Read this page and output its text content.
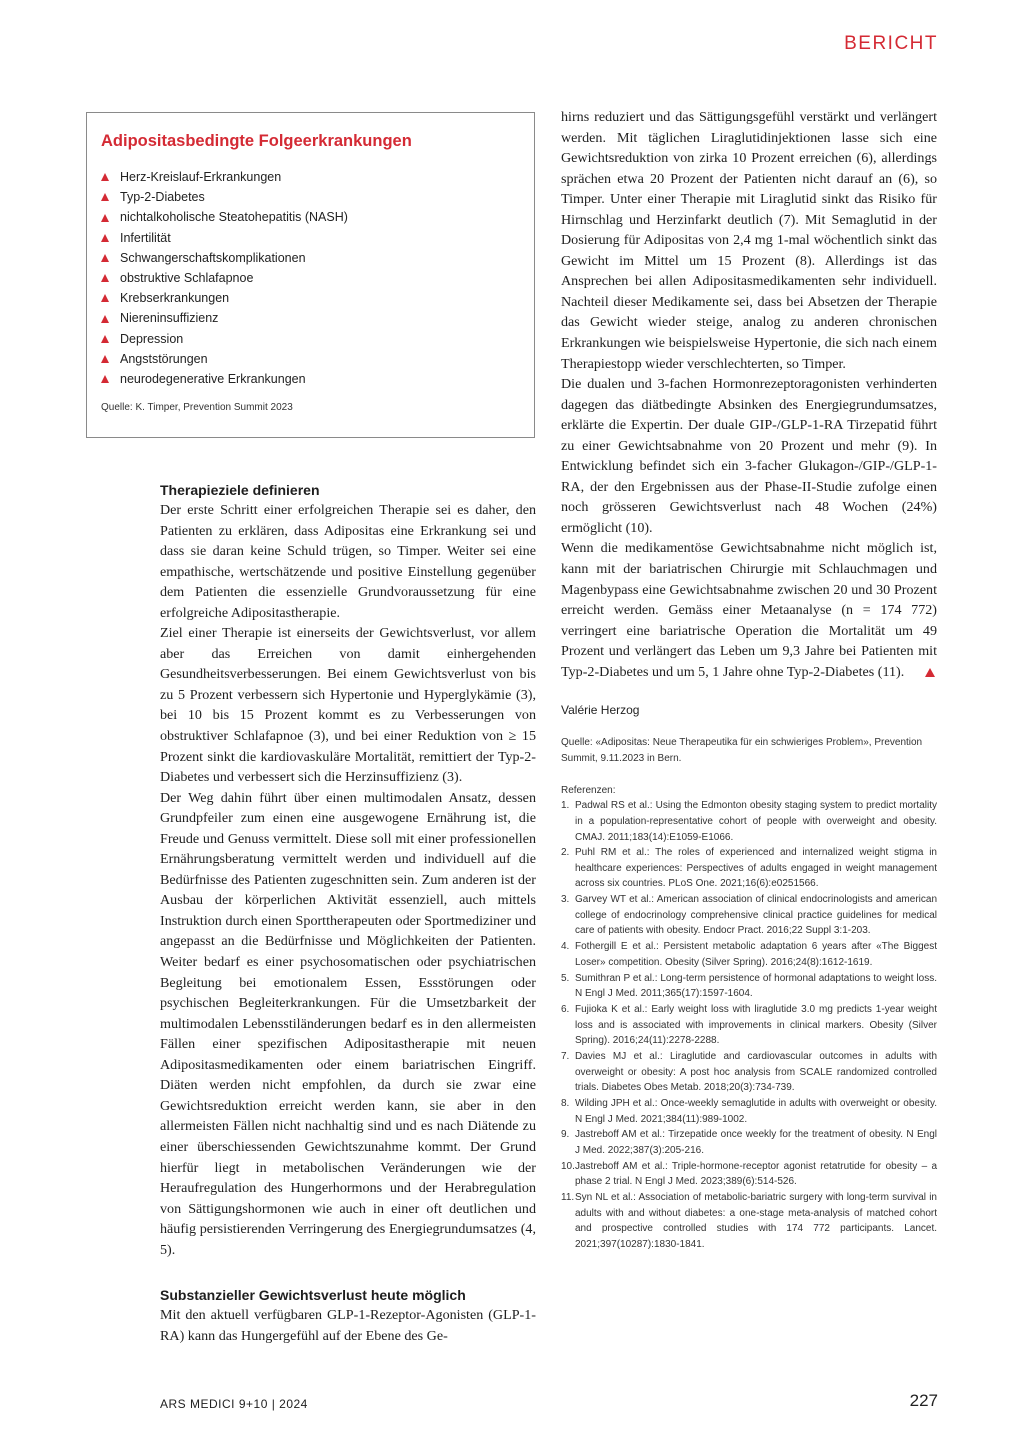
BERICHT
Adipositasbedingte Folgeerkrankungen
Herz-Kreislauf-Erkrankungen
Typ-2-Diabetes
nichtalkoholische Steatohepatitis (NASH)
Infertilität
Schwangerschaftskomplikationen
obstruktive Schlafapnoe
Krebserkrankungen
Niereninsuffizienz
Depression
Angststörungen
neurodegenerative Erkrankungen
Quelle: K. Timper, Prevention Summit 2023
Therapieziele definieren

Der erste Schritt einer erfolgreichen Therapie sei es daher, den Patienten zu erklären, dass Adipositas eine Erkrankung sei und dass sie daran keine Schuld trügen, so Timper. Weiter sei eine empathische, wertschätzende und positive Einstellung gegenüber dem Patienten die essenzielle Grundvoraussetzung für eine erfolgreiche Adipositastherapie.

Ziel einer Therapie ist einerseits der Gewichtsverlust, vor allem aber das Erreichen von damit einhergehenden Gesundheitsverbesserungen. Bei einem Gewichtsverlust von bis zu 5 Prozent verbessern sich Hypertonie und Hyperglykämie (3), bei 10 bis 15 Prozent kommt es zu Verbesserungen von obstruktiver Schlafapnoe (3), und bei einer Reduktion von ≥ 15 Prozent sinkt die kardiovaskuläre Mortalität, remittiert der Typ-2-Diabetes und verbessert sich die Herzinsuffizienz (3).

Der Weg dahin führt über einen multimodalen Ansatz, dessen Grundpfeiler zum einen eine ausgewogene Ernährung ist, die Freude und Genuss vermittelt. Diese soll mit einer professionellen Ernährungsberatung vermittelt werden und individuell auf die Bedürfnisse des Patienten zugeschnitten sein. Zum anderen ist der Ausbau der körperlichen Aktivität essenziell, auch mittels Instruktion durch einen Sporttherapeuten oder Sportmediziner und angepasst an die Bedürfnisse und Möglichkeiten der Patienten. Weiter bedarf es einer psychosomatischen oder psychiatrischen Begleitung bei emotionalem Essen, Essstörungen oder psychischen Begleiterkrankungen. Für die Umsetzbarkeit der multimodalen Lebensstiländerungen bedarf es in den allermeisten Fällen einer spezifischen Adipositastherapie mit neuen Adipositasmedikamenten oder einem bariatrischen Eingriff. Diäten werden nicht empfohlen, da durch sie zwar eine Gewichtsreduktion erreicht werden kann, sie aber in den allermeisten Fällen nicht nachhaltig sind und es nach Diätende zu einer überschiessenden Gewichtszunahme kommt. Der Grund hierfür liegt in metabolischen Veränderungen wie der Heraufregulation des Hungerhormons und der Herabregulation von Sättigungshormonen wie auch in einer oft deutlichen und häufig persistierenden Verringerung des Energiegrundumsatzes (4, 5).

Substanzieller Gewichtsverlust heute möglich

Mit den aktuell verfügbaren GLP-1-Rezeptor-Agonisten (GLP-1-RA) kann das Hungergefühl auf der Ebene des Ge-

hirns reduziert und das Sättigungsgefühl verstärkt und verlängert werden. Mit täglichen Liraglutidinjektionen lasse sich eine Gewichtsreduktion von zirka 10 Prozent erreichen (6), allerdings sprächen etwa 20 Prozent der Patienten nicht darauf an (6), so Timper. Unter einer Therapie mit Liraglutid sinkt das Risiko für Hirnschlag und Herzinfarkt deutlich (7). Mit Semaglutid in der Dosierung für Adipositas von 2,4 mg 1-mal wöchentlich sinkt das Gewicht im Mittel um 15 Prozent (8). Allerdings ist das Ansprechen bei allen Adipositasmedikamenten sehr individuell. Nachteil dieser Medikamente sei, dass bei Absetzen der Therapie das Gewicht wieder steige, analog zu anderen chronischen Erkrankungen wie beispielsweise Hypertonie, die sich nach einem Therapiestopp wieder verschlechterten, so Timper.

Die dualen und 3-fachen Hormonrezeptoragonisten verhinderten dagegen das diätbedingte Absinken des Energiegrundumsatzes, erklärte die Expertin. Der duale GIP-/GLP-1-RA Tirzepatid führt zu einer Gewichtsabnahme von 20 Prozent und mehr (9). In Entwicklung befindet sich ein 3-facher Glukagon-/GIP-/GLP-1-RA, der den Ergebnissen aus der Phase-II-Studie zufolge einen noch grösseren Gewichtsverlust nach 48 Wochen (24%) ermöglicht (10).

Wenn die medikamentöse Gewichtsabnahme nicht möglich ist, kann mit der bariatrischen Chirurgie mit Schlauchmagen und Magenbypass eine Gewichtsabnahme zwischen 20 und 30 Prozent erreicht werden. Gemäss einer Metaanalyse (n = 174 772) verringert eine bariatrische Operation die Mortalität um 49 Prozent und verlängert das Leben um 9,3 Jahre bei Patienten mit Typ-2-Diabetes und um 5, 1 Jahre ohne Typ-2-Diabetes (11).

Valérie Herzog
Quelle: «Adipositas: Neue Therapeutika für ein schwieriges Problem», Prevention Summit, 9.11.2023 in Bern.
Referenzen:
1. Padwal RS et al.: Using the Edmonton obesity staging system to predict mortality in a population-representative cohort of people with overweight and obesity. CMAJ. 2011;183(14):E1059-E1066.
2. Puhl RM et al.: The roles of experienced and internalized weight stigma in healthcare experiences: Perspectives of adults engaged in weight management across six countries. PLoS One. 2021;16(6):e0251566.
3. Garvey WT et al.: American association of clinical endocrinologists and american college of endocrinology comprehensive clinical practice guidelines for medical care of patients with obesity. Endocr Pract. 2016;22 Suppl 3:1-203.
4. Fothergill E et al.: Persistent metabolic adaptation 6 years after «The Biggest Loser» competition. Obesity (Silver Spring). 2016;24(8):1612-1619.
5. Sumithran P et al.: Long-term persistence of hormonal adaptations to weight loss. N Engl J Med. 2011;365(17):1597-1604.
6. Fujioka K et al.: Early weight loss with liraglutide 3.0 mg predicts 1-year weight loss and is associated with improvements in clinical markers. Obesity (Silver Spring). 2016;24(11):2278-2288.
7. Davies MJ et al.: Liraglutide and cardiovascular outcomes in adults with overweight or obesity: A post hoc analysis from SCALE randomized controlled trials. Diabetes Obes Metab. 2018;20(3):734-739.
8. Wilding JPH et al.: Once-weekly semaglutide in adults with overweight or obesity. N Engl J Med. 2021;384(11):989-1002.
9. Jastreboff AM et al.: Tirzepatide once weekly for the treatment of obesity. N Engl J Med. 2022;387(3):205-216.
10. Jastreboff AM et al.: Triple-hormone-receptor agonist retatrutide for obesity – a phase 2 trial. N Engl J Med. 2023;389(6):514-526.
11. Syn NL et al.: Association of metabolic-bariatric surgery with long-term survival in adults with and without diabetes: a one-stage meta-analysis of matched cohort and prospective controlled studies with 174 772 participants. Lancet. 2021;397(10287):1830-1841.
ARS MEDICI 9+10 | 2024	227
